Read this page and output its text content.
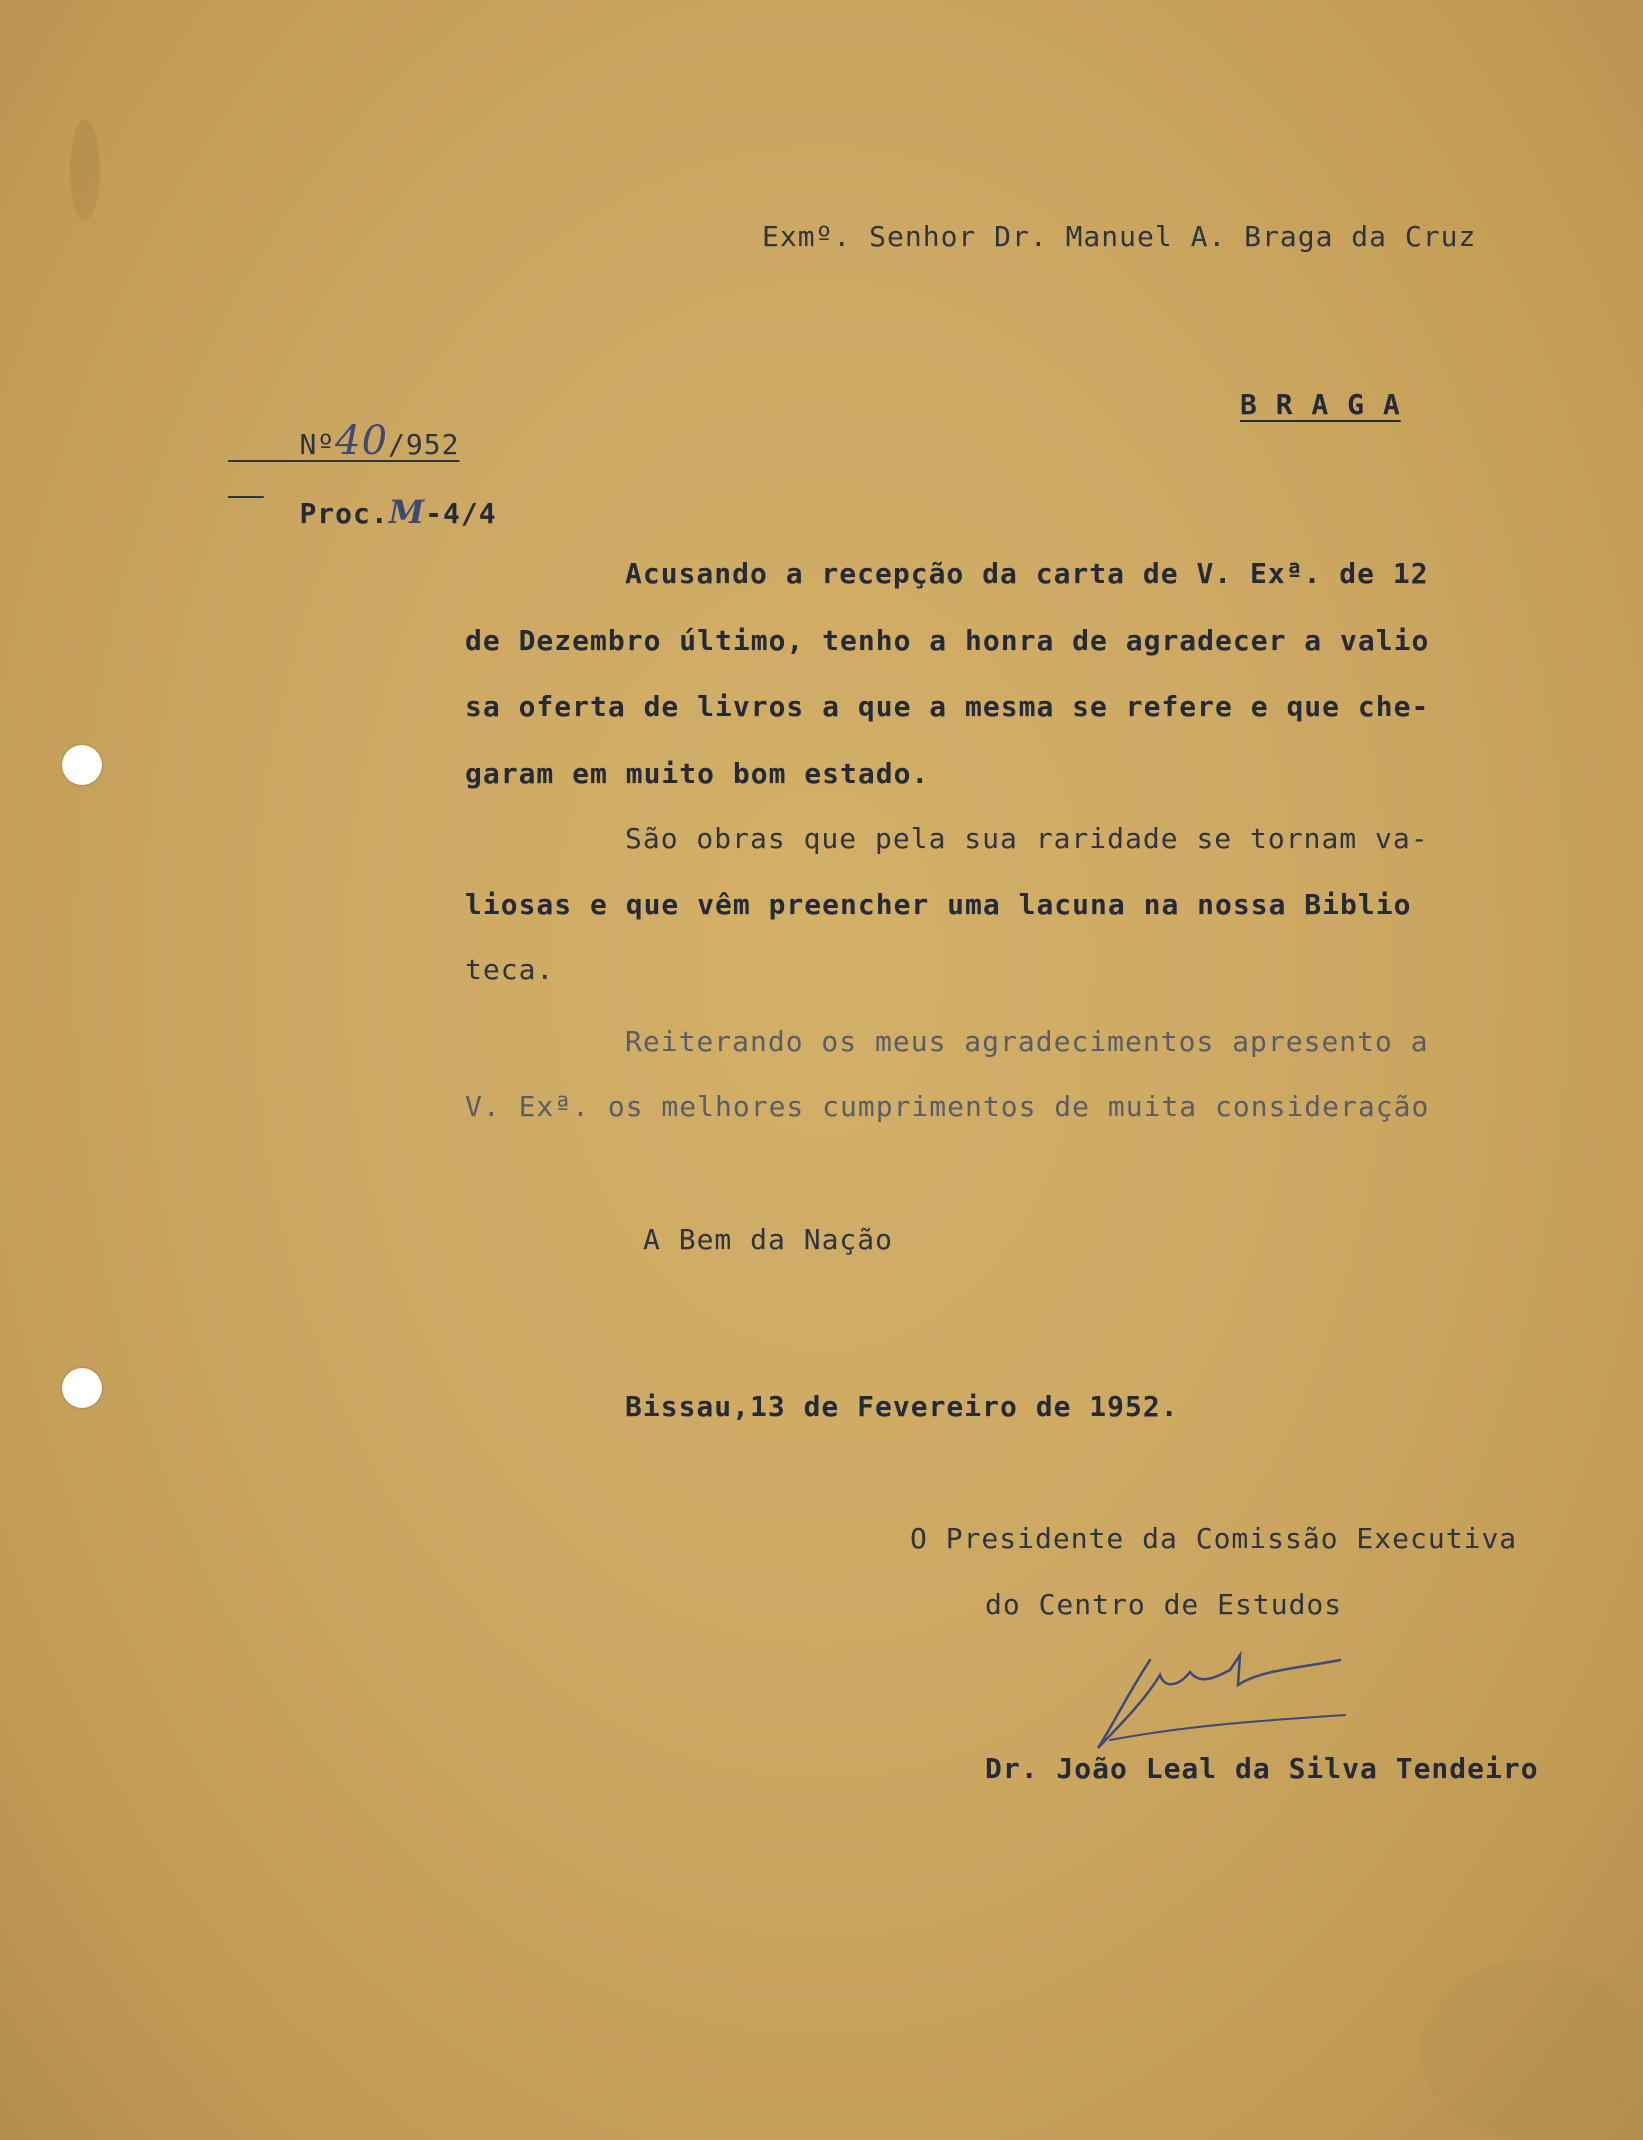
Exmº. Senhor Dr. Manuel A. Braga da Cruz

Nº40/952

B R A G A

Proc.M-4/4

Acusando a recepção da carta de V. Exª. de 12
de Dezembro último, tenho a honra de agradecer a valio
sa oferta de livros a que a mesma se refere e que che-
garam em muito bom estado.
São obras que pela sua raridade se tornam va-
liosas e que vêm preencher uma lacuna na nossa Biblio
teca.
Reiterando os meus agradecimentos apresento a
V. Exª. os melhores cumprimentos de muita consideração
A Bem da Nação
Bissau,13 de Fevereiro de 1952.
O Presidente da Comissão Executiva
do Centro de Estudos
Dr. João Leal da Silva Tendeiro
